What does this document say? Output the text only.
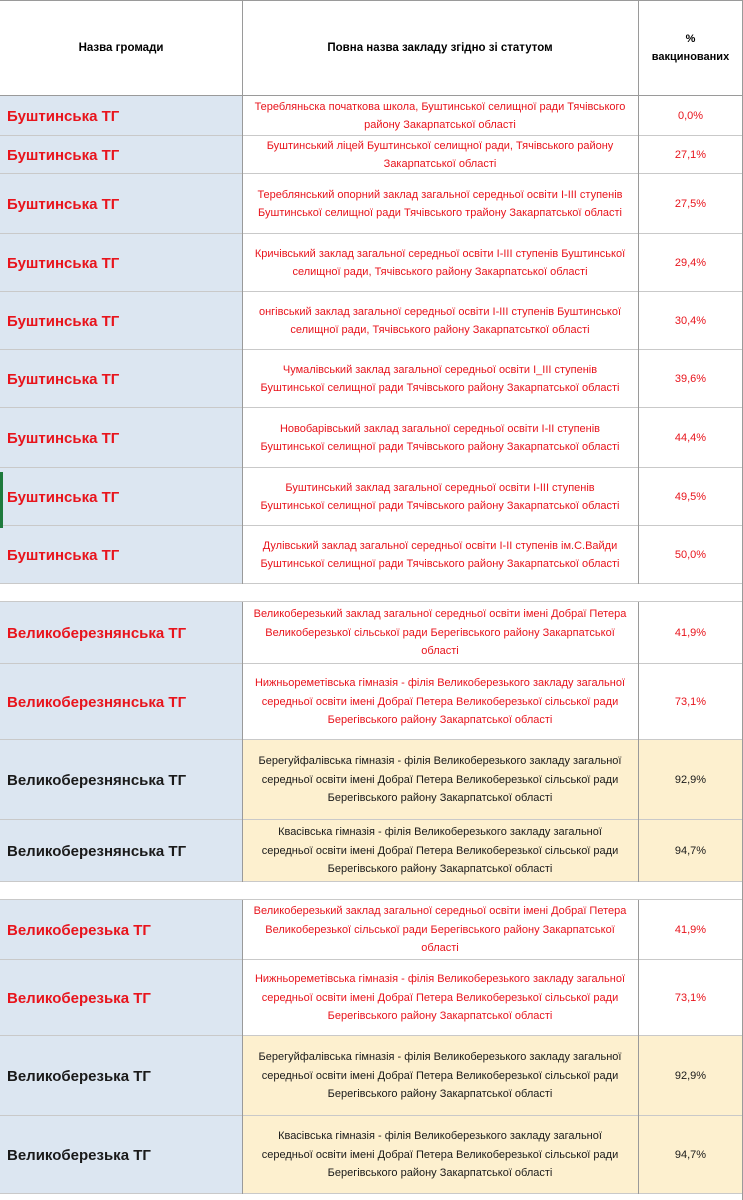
Назва громади	Повна назва закладу згідно зі статутом
%
вакцинованих
Буштинська ТГ
Теребляньска початкова школа, Буштинської селищної ради Тячівського району Закарпатської області
0,0%
Буштинська ТГ
Буштинський ліцей Буштинської селищної ради, Тячівського району Закарпатської області
27,1%
Буштинська ТГ
Тереблянський опорний заклад загальної середньої освіти І-ІІІ ступенів Буштинської селищної ради Тячівського трайону Закарпатської області
27,5%
Буштинська ТГ
Кричівський заклад загальної середньої освіти І-ІІІ ступенів Буштинської селищної ради, Тячівського району Закарпатської області
29,4%
Буштинська ТГ
онгівський заклад загальної середньої освіти І-ІІІ ступенів Буштинської селищної ради, Тячівського району Закарпатсьткої області
30,4%
Буштинська ТГ
Чумалівський заклад загальної середньої освіти І_ІІІ ступенів Буштинської селищної ради Тячівського району Закарпатської області
39,6%
Буштинська ТГ
Новобарівський заклад загальної середньої освіти І-ІІ ступенів Буштинської селищної ради Тячівського району Закарпатської області
44,4%
Буштинська ТГ
Буштинський заклад загальної середньої освіти І-ІІІ ступенів Буштинської селищної ради Тячівського району Закарпатської області
49,5%
Буштинська ТГ
Дулівський заклад загальної середньої освіти І-ІІ ступенів ім.С.Вайди Буштинської селищної ради Тячівського району Закарпатської області
50,0%
Великоберезнянська ТГ
Великоберезький заклад загальної середньої освіти імені Добраї Петера Великоберезької сільської ради Берегівського району Закарпатської області
41,9%
Великоберезнянська ТГ
Нижньореметівська гімназія - філія Великоберезького закладу загальної середньої освіти імені Добраї Петера Великоберезької сільської ради Берегівського району Закарпатської області
73,1%
Великоберезнянська ТГ
Берегуйфалівська гімназія - філія Великоберезького закладу загальної середньої освіти імені Добраї Петера Великоберезької сільської ради Берегівського району Закарпатської області
92,9%
Великоберезнянська ТГ
Квасівська гімназія - філія Великоберезького закладу загальної середньої освіти імені Добраї Петера Великоберезької сільської ради Берегівського району Закарпатської області
94,7%
Великоберезька ТГ
Великоберезький заклад загальної середньої освіти імені Добраї Петера Великоберезької сільської ради Берегівського району Закарпатської області
41,9%
Великоберезька ТГ
Нижньореметівська гімназія - філія Великоберезького закладу загальної середньої освіти імені Добраї Петера Великоберезької сільської ради Берегівського району Закарпатської області
73,1%
Великоберезька ТГ
Берегуйфалівська гімназія - філія Великоберезького закладу загальної середньої освіти імені Добраї Петера Великоберезької сільської ради Берегівського району Закарпатської області
92,9%
Великоберезька ТГ
Квасівська гімназія - філія Великоберезького закладу загальної середньої освіти імені Добраї Петера Великоберезької сільської ради Берегівського району Закарпатської області
94,7%
